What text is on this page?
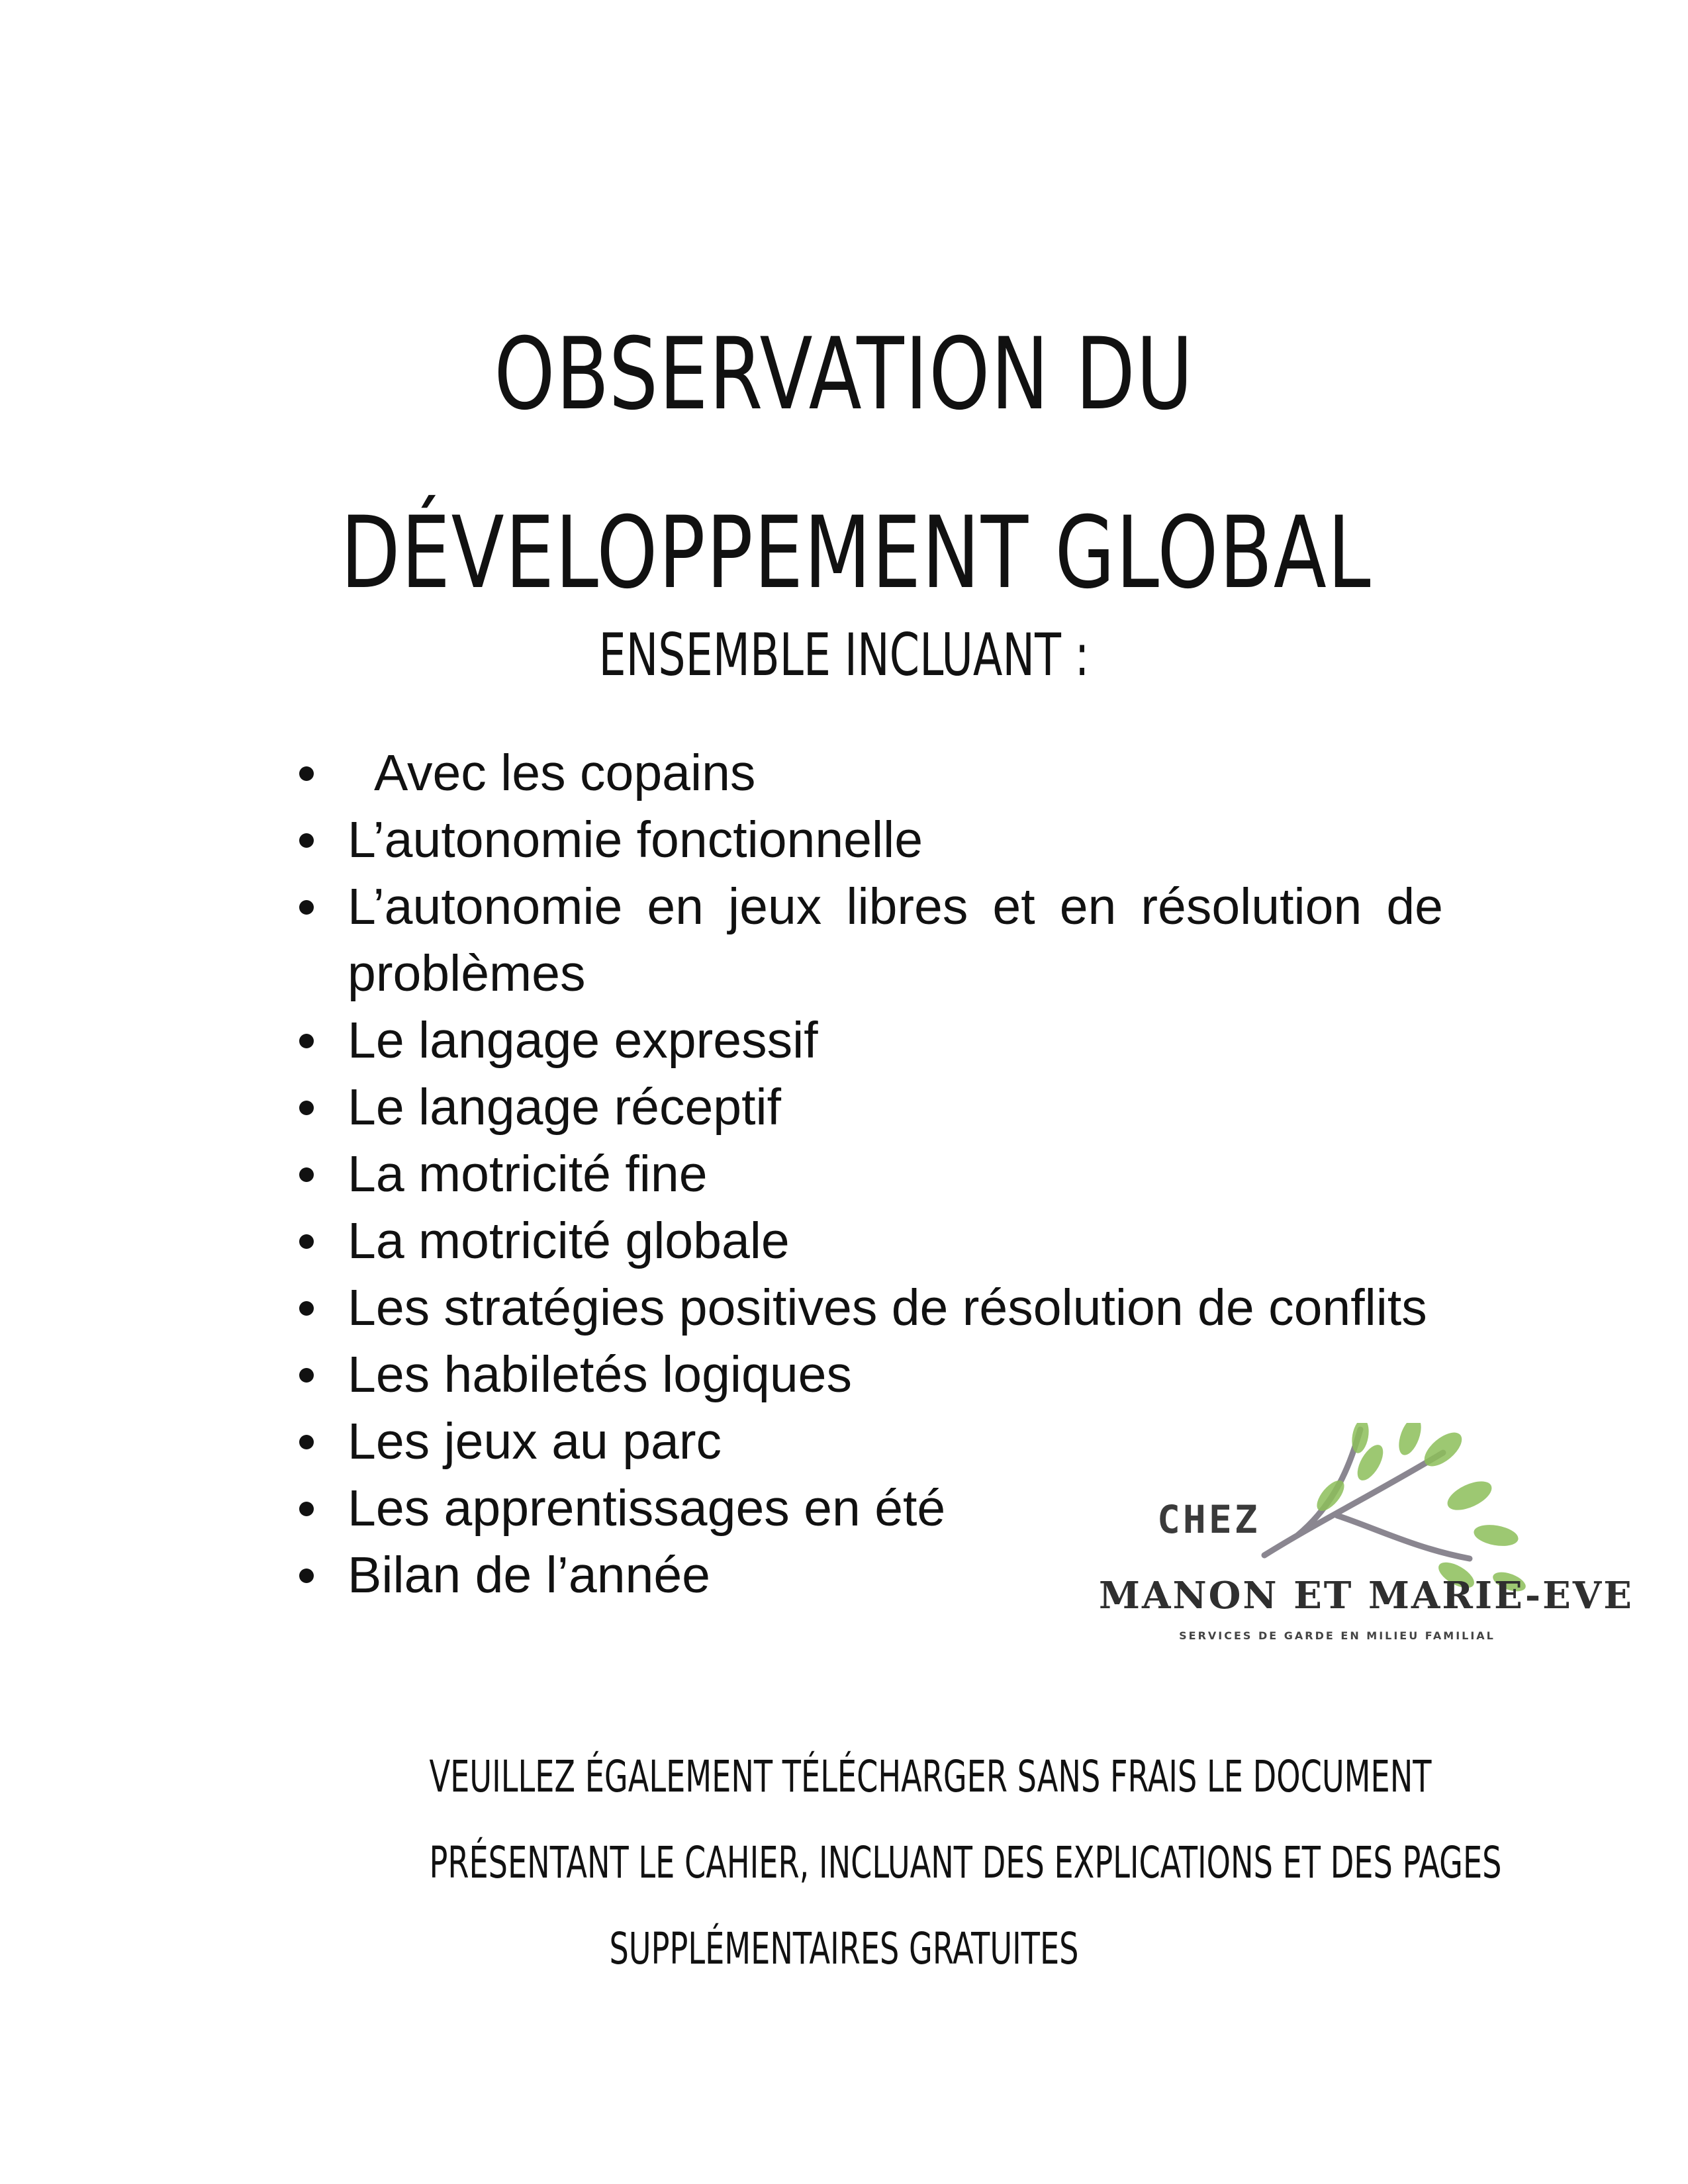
OBSERVATION DU
DÉVELOPPEMENT GLOBAL
ENSEMBLE INCLUANT :
Avec les copains
L’autonomie fonctionnelle
L’autonomie en jeux libres et en résolution de problèmes
Le langage expressif
Le langage réceptif
La motricité fine
La motricité globale
Les stratégies positives de résolution de conflits
Les habiletés logiques
Les jeux au parc
Les apprentissages en été
Bilan de l’année
CHEZ
MANON ET MARIE-EVE
SERVICES DE GARDE EN MILIEU FAMILIAL
VEUILLEZ ÉGALEMENT TÉLÉCHARGER SANS FRAIS LE DOCUMENT
PRÉSENTANT LE CAHIER, INCLUANT DES EXPLICATIONS ET DES PAGES
SUPPLÉMENTAIRES GRATUITES
